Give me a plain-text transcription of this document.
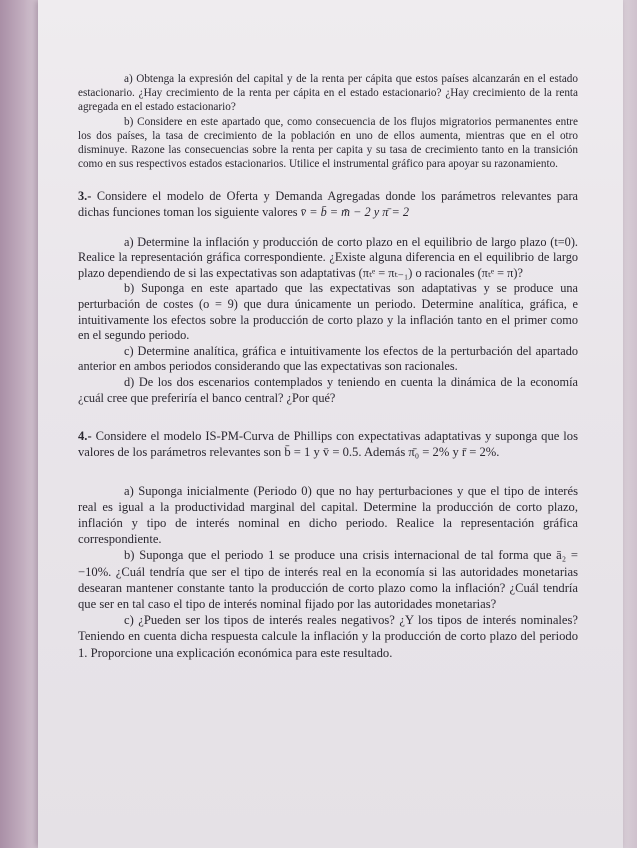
a) Obtenga la expresión del capital y de la renta per cápita que estos países alcanzarán en el estado estacionario. ¿Hay crecimiento de la renta per cápita en el estado estacionario? ¿Hay crecimiento de la renta agregada en el estado estacionario?

b) Considere en este apartado que, como consecuencia de los flujos migratorios permanentes entre los dos países, la tasa de crecimiento de la población en uno de ellos aumenta, mientras que en el otro disminuye. Razone las consecuencias sobre la renta per capita y su tasa de crecimiento tanto en la transición como en sus respectivos estados estacionarios. Utilice el instrumental gráfico para apoyar su razonamiento.

3.- Considere el modelo de Oferta y Demanda Agregadas donde los parámetros relevantes para dichas funciones toman los siguiente valores v̄ = b̄ = m̄ − 2 y π̄ = 2

a) Determine la inflación y producción de corto plazo en el equilibrio de largo plazo (t=0). Realice la representación gráfica correspondiente. ¿Existe alguna diferencia en el equilibrio de largo plazo dependiendo de si las expectativas son adaptativas (πₜᵉ = πₜ₋₁) o racionales (πₜᵉ = π)?

b) Suponga en este apartado que las expectativas son adaptativas y se produce una perturbación de costes (o = 9) que dura únicamente un periodo. Determine analítica, gráfica, e intuitivamente los efectos sobre la producción de corto plazo y la inflación tanto en el primer como en el segundo periodo.

c) Determine analítica, gráfica e intuitivamente los efectos de la perturbación del apartado anterior en ambos periodos considerando que las expectativas son racionales.

d) De los dos escenarios contemplados y teniendo en cuenta la dinámica de la economía ¿cuál cree que preferiría el banco central? ¿Por qué?

4.- Considere el modelo IS-PM-Curva de Phillips con expectativas adaptativas y suponga que los valores de los parámetros relevantes son b̄ = 1 y v̄ = 0.5. Además π̄₀ = 2% y r̄ = 2%.

a) Suponga inicialmente (Periodo 0) que no hay perturbaciones y que el tipo de interés real es igual a la productividad marginal del capital. Determine la producción de corto plazo, inflación y tipo de interés nominal en dicho periodo. Realice la representación gráfica correspondiente.

b) Suponga que el periodo 1 se produce una crisis internacional de tal forma que ā₂ = −10%. ¿Cuál tendría que ser el tipo de interés real en la economía si las autoridades monetarias desearan mantener constante tanto la producción de corto plazo como la inflación? ¿Cuál tendría que ser en tal caso el tipo de interés nominal fijado por las autoridades monetarias?

c) ¿Pueden ser los tipos de interés reales negativos? ¿Y los tipos de interés nominales? Teniendo en cuenta dicha respuesta calcule la inflación y la producción de corto plazo del periodo 1. Proporcione una explicación económica para este resultado.
